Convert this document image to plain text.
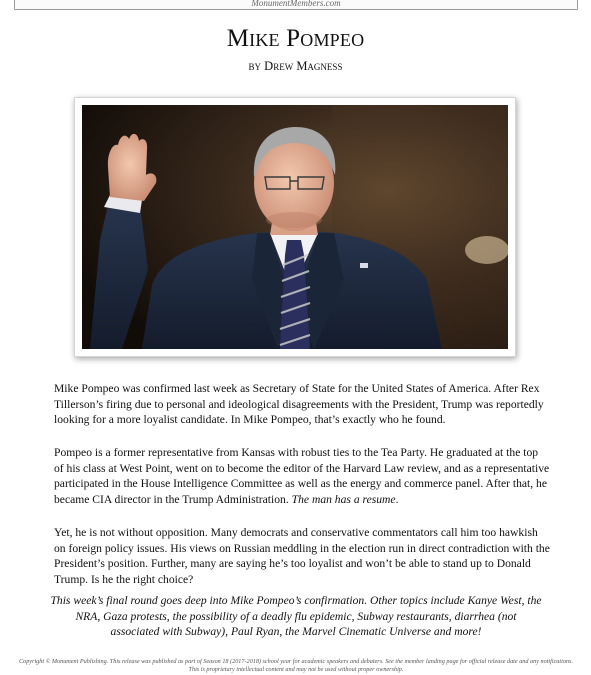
MonumentMembers.com
Mike Pompeo
by Drew Magness
Mike Pompeo was confirmed last week as Secretary of State for the United States of America. After Rex Tillerson’s firing due to personal and ideological disagreements with the President, Trump was reportedly looking for a more loyalist candidate. In Mike Pompeo, that’s exactly who he found.
Pompeo is a former representative from Kansas with robust ties to the Tea Party. He graduated at the top of his class at West Point, went on to become the editor of the Harvard Law review, and as a representative participated in the House Intelligence Committee as well as the energy and commerce panel. After that, he became CIA director in the Trump Administration. The man has a resume.
Yet, he is not without opposition. Many democrats and conservative commentators call him too hawkish on foreign policy issues. His views on Russian meddling in the election run in direct contradiction with the President’s position. Further, many are saying he’s too loyalist and won’t be able to stand up to Donald Trump. Is he the right choice?
This week’s final round goes deep into Mike Pompeo’s confirmation. Other topics include Kanye West, the NRA, Gaza protests, the possibility of a deadly flu epidemic, Subway restaurants, diarrhea (not associated with Subway), Paul Ryan, the Marvel Cinematic Universe and more!
Copyright © Monument Publishing. This release was published as part of Season 18 (2017-2018) school year for academic speakers and debaters. See the member landing page for official release date and any notifications. This is proprietary intellectual content and may not be used without proper ownership.
